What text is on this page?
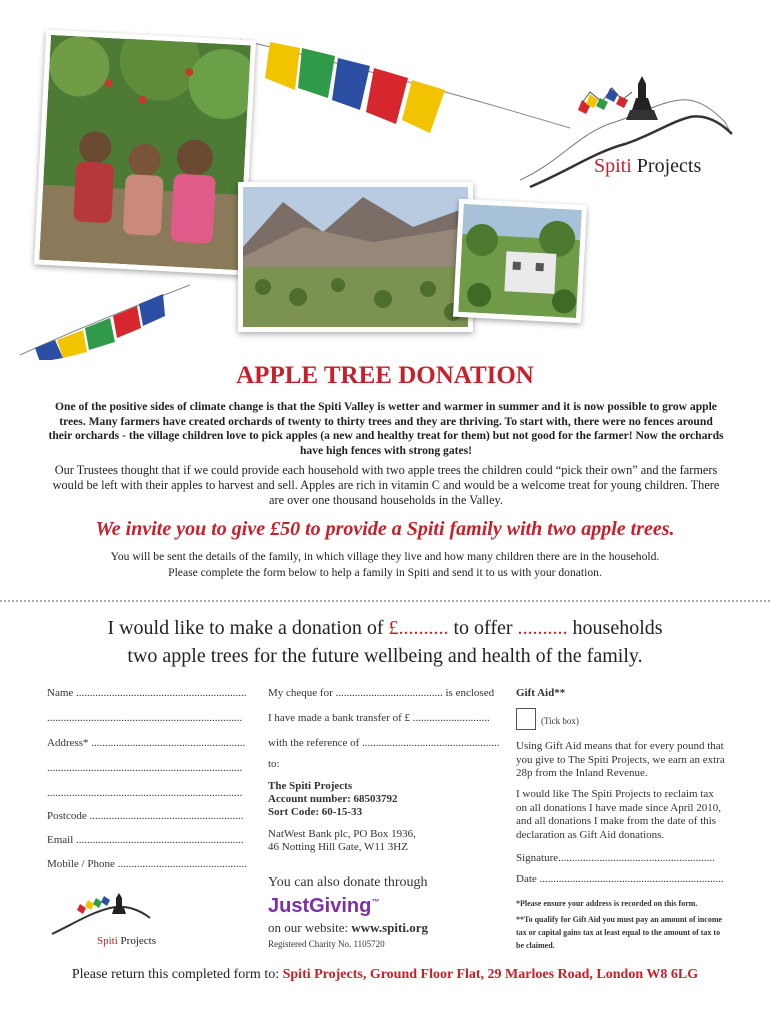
Spiti Projects
APPLE TREE DONATION
One of the positive sides of climate change is that the Spiti Valley is wetter and warmer in summer and it is now possible to grow apple trees. Many farmers have created orchards of twenty to thirty trees and they are thriving. To start with, there were no fences around their orchards - the village children love to pick apples (a new and healthy treat for them) but not good for the farmer! Now the orchards have high fences with strong gates!
Our Trustees thought that if we could provide each household with two apple trees the children could “pick their own” and the farmers would be left with their apples to harvest and sell. Apples are rich in vitamin C and would be a welcome treat for young children. There are over one thousand households in the Valley.
We invite you to give £50 to provide a Spiti family with two apple trees.
You will be sent the details of the family, in which village they live and how many children there are in the household.
Please complete the form below to help a family in Spiti and send it to us with your donation.
I would like to make a donation of £.......... to offer .......... households
two apple trees for the future wellbeing and health of the family.
Name ..............................................................
.......................................................................
Address* ........................................................
.......................................................................
.......................................................................
Postcode ........................................................
Email .............................................................
Mobile / Phone ...............................................
Spiti Projects
My cheque for ....................................... is enclosed
I have made a bank transfer of £ ............................
with the reference of ..................................................
to:
The Spiti Projects
Account number: 68503792
Sort Code: 60-15-33
NatWest Bank plc, PO Box 1936,
46 Notting Hill Gate, W11 3HZ
You can also donate through
JustGiving™
on our website: www.spiti.org
Registered Charity No. 1105720
Gift Aid**
(Tick box)
Using Gift Aid means that for every pound that you give to The Spiti Projects, we earn an extra 28p from the Inland Revenue.
I would like The Spiti Projects to reclaim tax on all donations I have made since April 2010, and all donations I make from the date of this declaration as Gift Aid donations.
Signature.........................................................
Date ...................................................................
*Please ensure your address is recorded on this form.
**To qualify for Gift Aid you must pay an amount of income tax or capital gains tax at least equal to the amount of tax to be claimed.
Please return this completed form to: Spiti Projects, Ground Floor Flat, 29 Marloes Road, London W8 6LG
